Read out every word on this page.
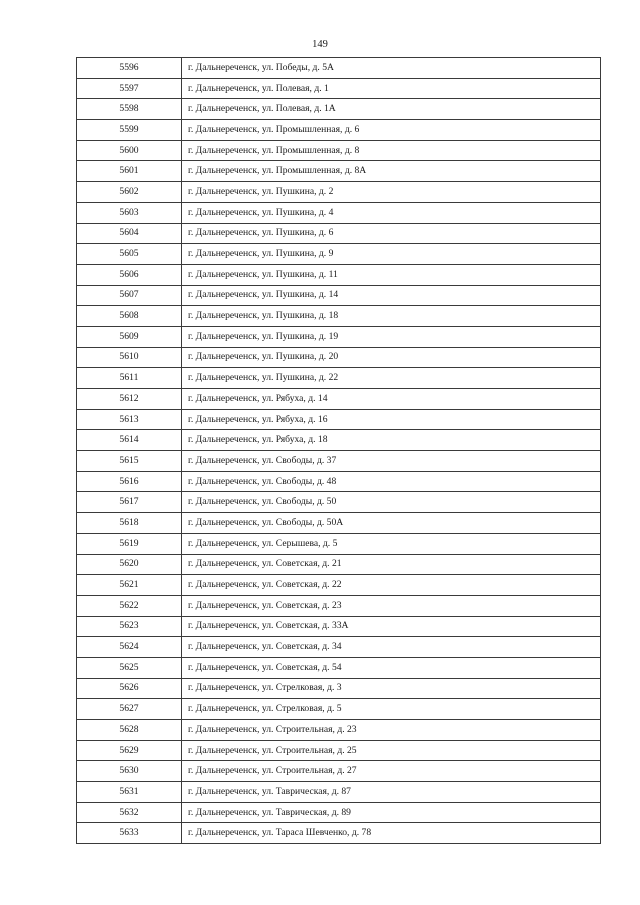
149
5596	г. Дальнереченск, ул. Победы, д. 5А
5597	г. Дальнереченск, ул. Полевая, д. 1
5598	г. Дальнереченск, ул. Полевая, д. 1А
5599	г. Дальнереченск, ул. Промышленная, д. 6
5600	г. Дальнереченск, ул. Промышленная, д. 8
5601	г. Дальнереченск, ул. Промышленная, д. 8А
5602	г. Дальнереченск, ул. Пушкина, д. 2
5603	г. Дальнереченск, ул. Пушкина, д. 4
5604	г. Дальнереченск, ул. Пушкина, д. 6
5605	г. Дальнереченск, ул. Пушкина, д. 9
5606	г. Дальнереченск, ул. Пушкина, д. 11
5607	г. Дальнереченск, ул. Пушкина, д. 14
5608	г. Дальнереченск, ул. Пушкина, д. 18
5609	г. Дальнереченск, ул. Пушкина, д. 19
5610	г. Дальнереченск, ул. Пушкина, д. 20
5611	г. Дальнереченск, ул. Пушкина, д. 22
5612	г. Дальнереченск, ул. Рябуха, д. 14
5613	г. Дальнереченск, ул. Рябуха, д. 16
5614	г. Дальнереченск, ул. Рябуха, д. 18
5615	г. Дальнереченск, ул. Свободы, д. 37
5616	г. Дальнереченск, ул. Свободы, д. 48
5617	г. Дальнереченск, ул. Свободы, д. 50
5618	г. Дальнереченск, ул. Свободы, д. 50А
5619	г. Дальнереченск, ул. Серышева, д. 5
5620	г. Дальнереченск, ул. Советская, д. 21
5621	г. Дальнереченск, ул. Советская, д. 22
5622	г. Дальнереченск, ул. Советская, д. 23
5623	г. Дальнереченск, ул. Советская, д. 33А
5624	г. Дальнереченск, ул. Советская, д. 34
5625	г. Дальнереченск, ул. Советская, д. 54
5626	г. Дальнереченск, ул. Стрелковая, д. 3
5627	г. Дальнереченск, ул. Стрелковая, д. 5
5628	г. Дальнереченск, ул. Строительная, д. 23
5629	г. Дальнереченск, ул. Строительная, д. 25
5630	г. Дальнереченск, ул. Строительная, д. 27
5631	г. Дальнереченск, ул. Таврическая, д. 87
5632	г. Дальнереченск, ул. Таврическая, д. 89
5633	г. Дальнереченск, ул. Тараса Шевченко, д. 78
